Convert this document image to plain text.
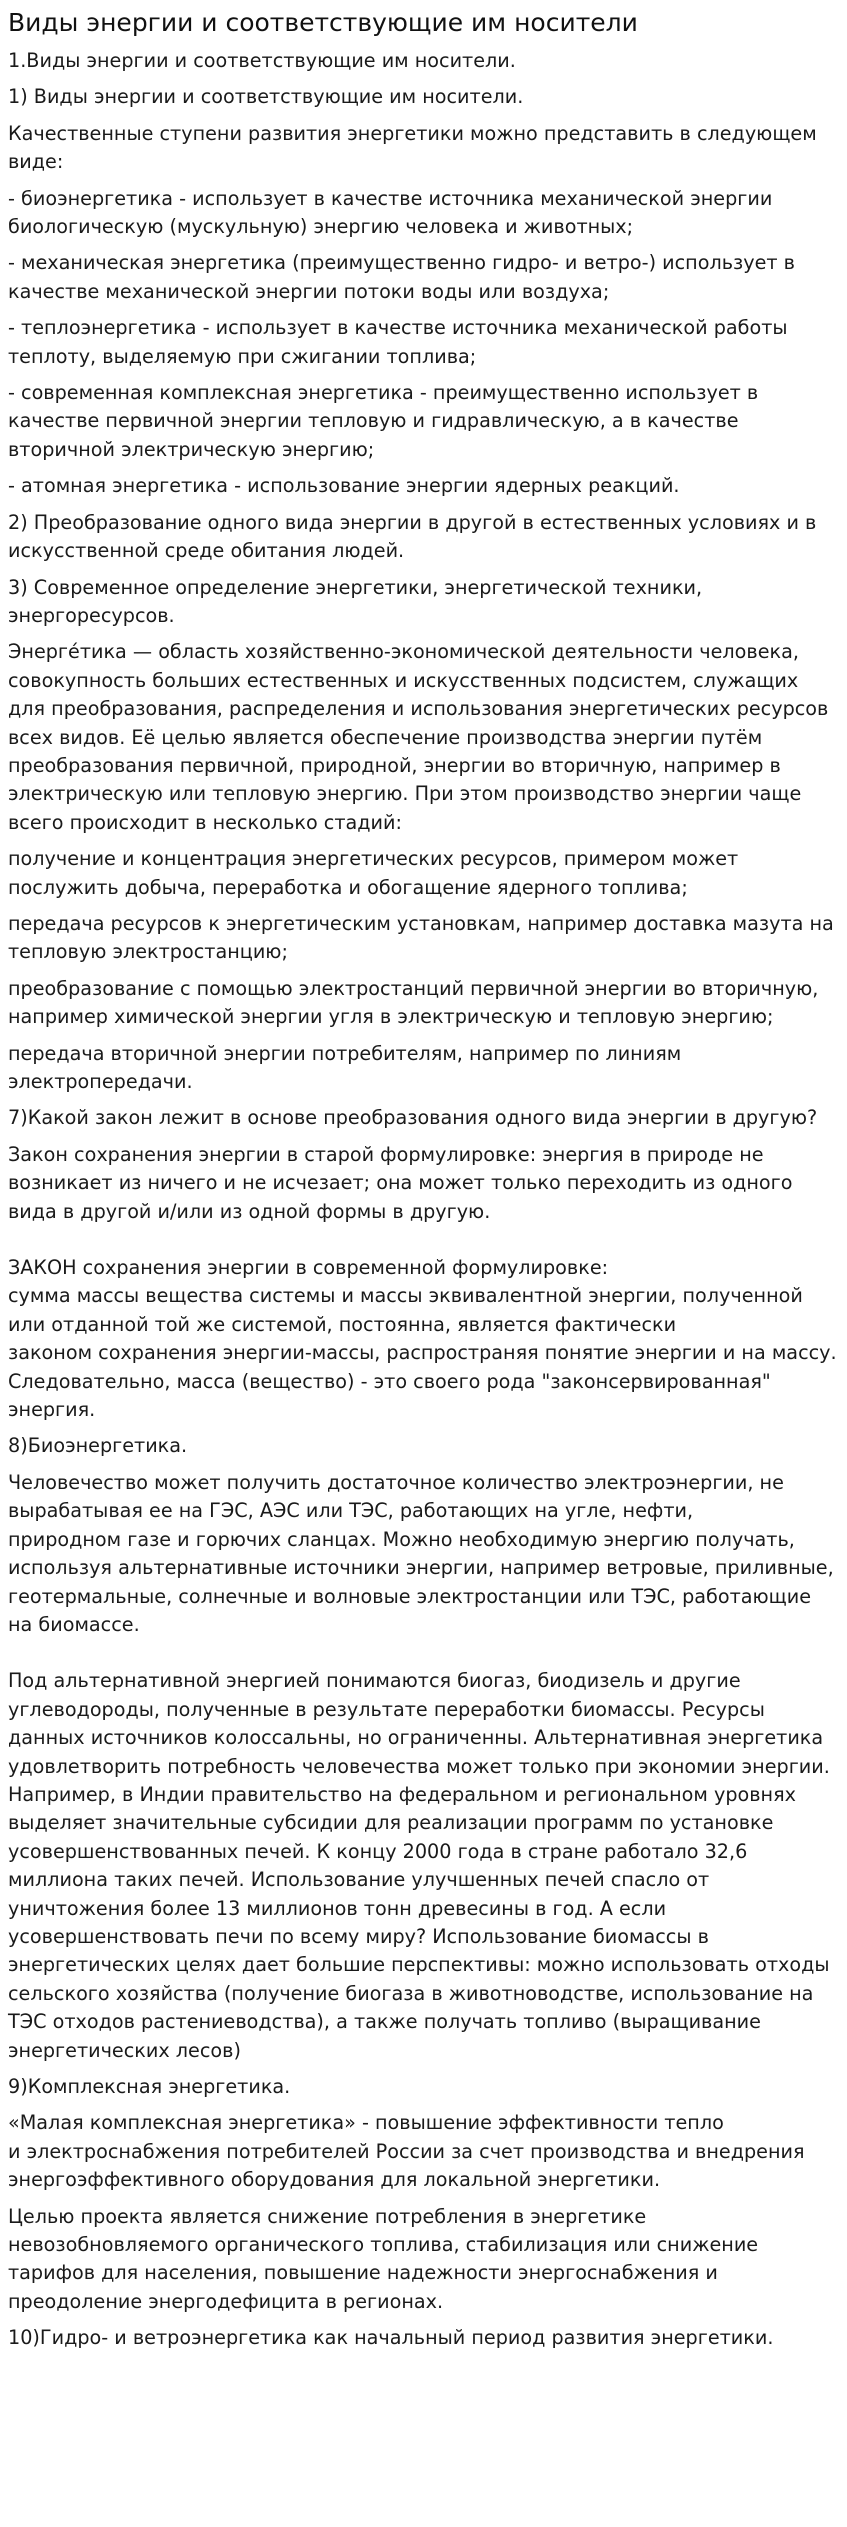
Виды энергии и соответствующие им носители

1.Виды энергии и соответствующие им носители.

1) Виды энергии и соответствующие им носители.

Качественные ступени развития энергетики можно представить в следующем виде:

- биоэнергетика - использует в качестве источника механической энергии биологическую (мускульную) энергию человека и животных;

- механическая энергетика (преимущественно гидро- и ветро-) использует в качестве механической энергии потоки воды или воздуха;

- теплоэнергетика - использует в качестве источника механической работы теплоту, выделяемую при сжигании топлива;

- современная комплексная энергетика - преимущественно использует в качестве первичной энергии тепловую и гидравлическую, а в качестве вторичной электрическую энергию;

- атомная энергетика - использование энергии ядерных реакций.

2) Преобразование одного вида энергии в другой в естественных условиях и в искусственной среде обитания людей.

3) Современное определение энергетики, энергетической техники, энергоресурсов.

Энерге́тика — область хозяйственно-экономической деятельности человека, совокупность больших естественных и искусственных подсистем, служащих для преобразования, распределения и использования энергетических ресурсов всех видов. Её целью является обеспечение производства энергии путём преобразования первичной, природной, энергии во вторичную, например в электрическую или тепловую энергию. При этом производство энергии чаще всего происходит в несколько стадий:

получение и концентрация энергетических ресурсов, примером может послужить добыча, переработка и обогащение ядерного топлива;

передача ресурсов к энергетическим установкам, например доставка мазута на тепловую электростанцию;

преобразование с помощью электростанций первичной энергии во вторичную, например химической энергии угля в электрическую и тепловую энергию;

передача вторичной энергии потребителям, например по линиям электропередачи.

7)Какой закон лежит в основе преобразования одного вида энергии в другую?

Закон сохранения энергии в старой формулировке: энергия в природе не возникает из ничего и не исчезает; она может только переходить из одного вида в другой и/или из одной формы в другую.

ЗАКОН сохранения энергии в современной формулировке:
сумма массы вещества системы и массы эквивалентной энергии, полученной или отданной той же системой, постоянна, является фактически
законом сохранения энергии-массы, распространяя понятие энергии и на массу. Следовательно, масса (вещество) - это своего рода "законсервированная" энергия.

8)Биоэнергетика.

Человечество может получить достаточное количество электроэнергии, не вырабатывая ее на ГЭС, АЭС или ТЭС, работающих на угле, нефти,
природном газе и горючих сланцах. Можно необходимую энергию получать, используя альтернативные источники энергии, например ветровые, приливные, геотермальные, солнечные и волновые электростанции или ТЭС, работающие на биомассе.

Под альтернативной энергией понимаются биогаз, биодизель и другие углеводороды, полученные в результате переработки биомассы. Ресурсы данных источников колоссальны, но ограниченны. Альтернативная энергетика удовлетворить потребность человечества может только при экономии энергии. Например, в Индии правительство на федеральном и региональном уровнях выделяет значительные субсидии для реализации программ по установке усовершенствованных печей. К концу 2000 года в стране работало 32,6 миллиона таких печей. Использование улучшенных печей спасло от уничтожения более 13 миллионов тонн древесины в год. А если усовершенствовать печи по всему миру? Использование биомассы в энергетических целях дает большие перспективы: можно использовать отходы сельского хозяйства (получение биогаза в животноводстве, использование на ТЭС отходов растениеводства), а также получать топливо (выращивание энергетических лесов)

9)Комплексная энергетика.

«Малая комплексная энергетика» - повышение эффективности тепло
и электроснабжения потребителей России за счет производства и внедрения энергоэффективного оборудования для локальной энергетики.

Целью проекта является снижение потребления в энергетике невозобновляемого органического топлива, стабилизация или снижение тарифов для населения, повышение надежности энергоснабжения и преодоление энергодефицита в регионах.

10)Гидро- и ветроэнергетика как начальный период развития энергетики.
